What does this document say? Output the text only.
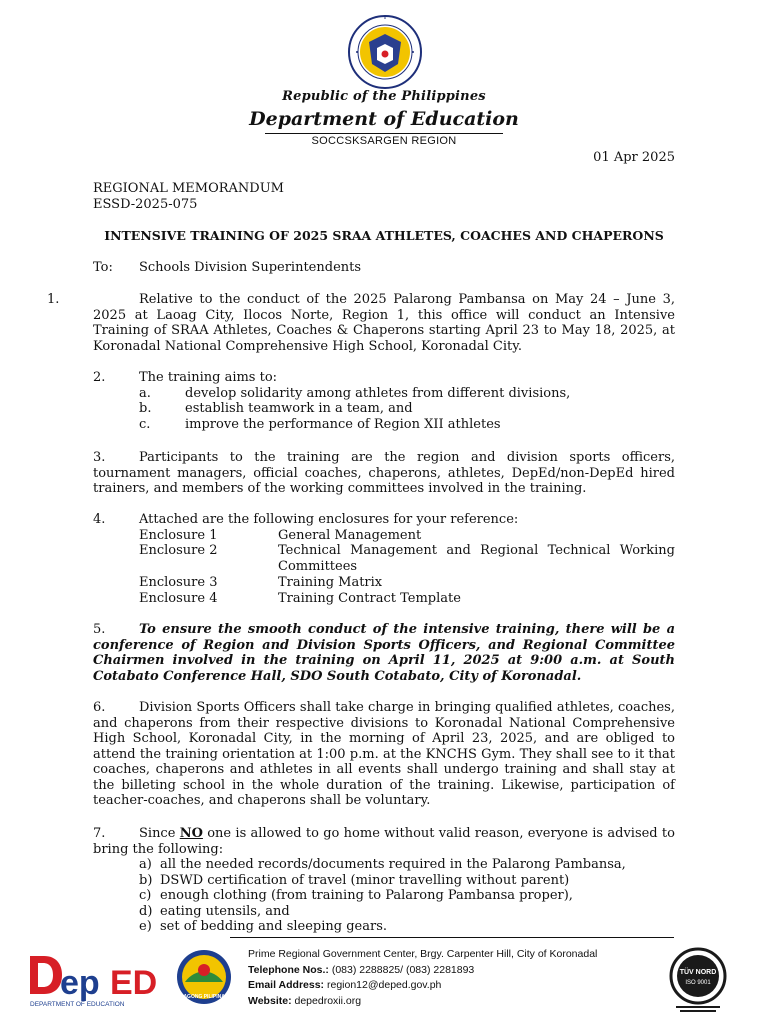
Republic of the Philippines
Department of Education
SOCCSKSARGEN REGION
01 Apr 2025
REGIONAL MEMORANDUM
ESSD-2025-075
INTENSIVE TRAINING OF 2025 SRAA ATHLETES, COACHES AND CHAPERONS
To: Schools Division Superintendents
1.	Relative to the conduct of the 2025 Palarong Pambansa on May 24 – June 3, 2025 at Laoag City, Ilocos Norte, Region 1, this office will conduct an Intensive Training of SRAA Athletes, Coaches & Chaperons starting April 23 to May 18, 2025, at Koronadal National Comprehensive High School, Koronadal City.
2.	The training aims to:
a.	develop solidarity among athletes from different divisions,
b.	establish teamwork in a team, and
c.	improve the performance of Region XII athletes
3.	Participants to the training are the region and division sports officers, tournament managers, official coaches, chaperons, athletes, DepEd/non-DepEd hired trainers, and members of the working committees involved in the training.
4.	Attached are the following enclosures for your reference:
Enclosure 1	General Management
Enclosure 2	Technical Management and Regional Technical Working Committees
Enclosure 3	Training Matrix
Enclosure 4	Training Contract Template
5.	To ensure the smooth conduct of the intensive training, there will be a conference of Region and Division Sports Officers, and Regional Committee Chairmen involved in the training on April 11, 2025 at 9:00 a.m. at South Cotabato Conference Hall, SDO South Cotabato, City of Koronadal.
6.	Division Sports Officers shall take charge in bringing qualified athletes, coaches, and chaperons from their respective divisions to Koronadal National Comprehensive High School, Koronadal City, in the morning of April 23, 2025, and are obliged to attend the training orientation at 1:00 p.m. at the KNCHS Gym. They shall see to it that coaches, chaperons and athletes in all events shall undergo training and shall stay at the billeting school in the whole duration of the training. Likewise, participation of teacher-coaches, and chaperons shall be voluntary.
7.	Since NO one is allowed to go home without valid reason, everyone is advised to bring the following:
a) all the needed records/documents required in the Palarong Pambansa,
b) DSWD certification of travel (minor travelling without parent)
c) enough clothing (from training to Palarong Pambansa proper),
d) eating utensils, and
e) set of bedding and sleeping gears.
ep ED
DEPARTMENT OF EDUCATION
BAGONG PILIPINAS
Prime Regional Government Center, Brgy. Carpenter Hill, City of Koronadal
Telephone Nos.: (083) 2288825/ (083) 2281893
Email Address: region12@deped.gov.ph
Website: depedroxii.org
TÜV NORD
ISO 9001
